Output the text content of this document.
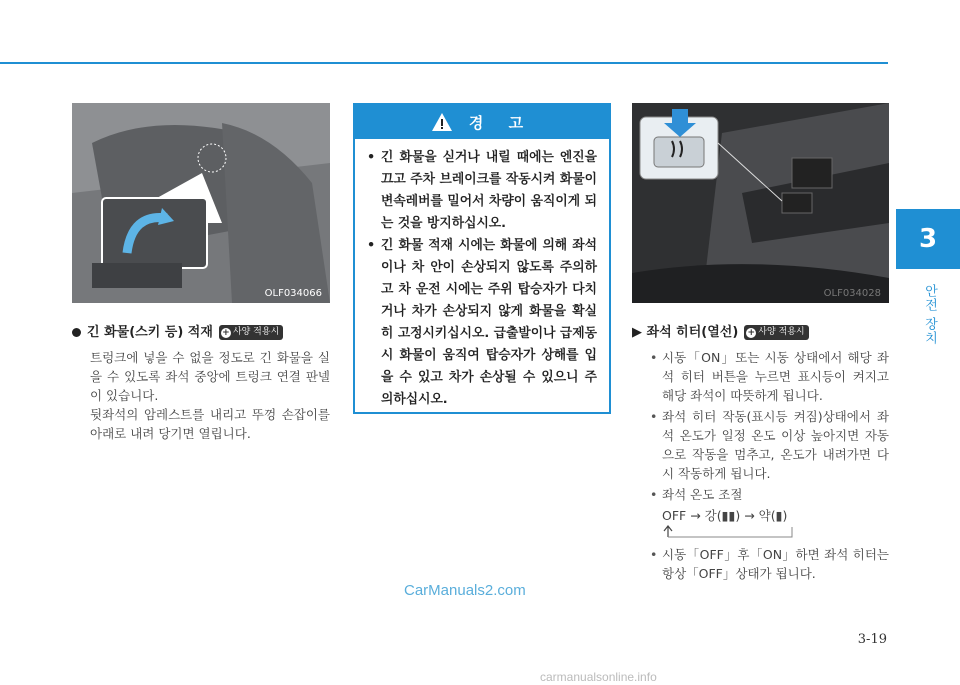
3
안전 장치
OLF034066
긴 화물(스키 등) 적재 + 사양 적용시
트렁크에 넣을 수 없을 정도로 긴 화물을 실을 수 있도록 좌석 중앙에 트렁크 연결 판넬이 있습니다.
뒷좌석의 암레스트를 내리고 뚜껑 손잡이를 아래로 내려 당기면 열립니다.
경 고
• 긴 화물을 싣거나 내릴 때에는 엔진을 끄고 주차 브레이크를 작동시켜 화물이 변속레버를 밀어서 차량이 움직이게 되는 것을 방지하십시오.
• 긴 화물 적재 시에는 화물에 의해 좌석이나 차 안이 손상되지 않도록 주의하고 차 운전 시에는 주위 탑승자가 다치거나 차가 손상되지 않게 화물을 확실히 고정시키십시오. 급출발이나 급제동 시 화물이 움직여 탑승자가 상해를 입을 수 있고 차가 손상될 수 있으니 주의하십시오.
OLF034028
▶ 좌석 히터(열선) + 사양 적용시
• 시동「ON」또는 시동 상태에서 해당 좌석 히터 버튼을 누르면 표시등이 켜지고 해당 좌석이 따뜻하게 됩니다.
• 좌석 히터 작동(표시등 켜짐)상태에서 좌석 온도가 일정 온도 이상 높아지면 자동으로 작동을 멈추고, 온도가 내려가면 다시 작동하게 됩니다.
• 좌석 온도 조절
OFF → 강(▮▮) → 약(▮)
• 시동「OFF」후「ON」하면 좌석 히터는 항상「OFF」상태가 됩니다.
CarManuals2.com
3-19
carmanualsonline.info
